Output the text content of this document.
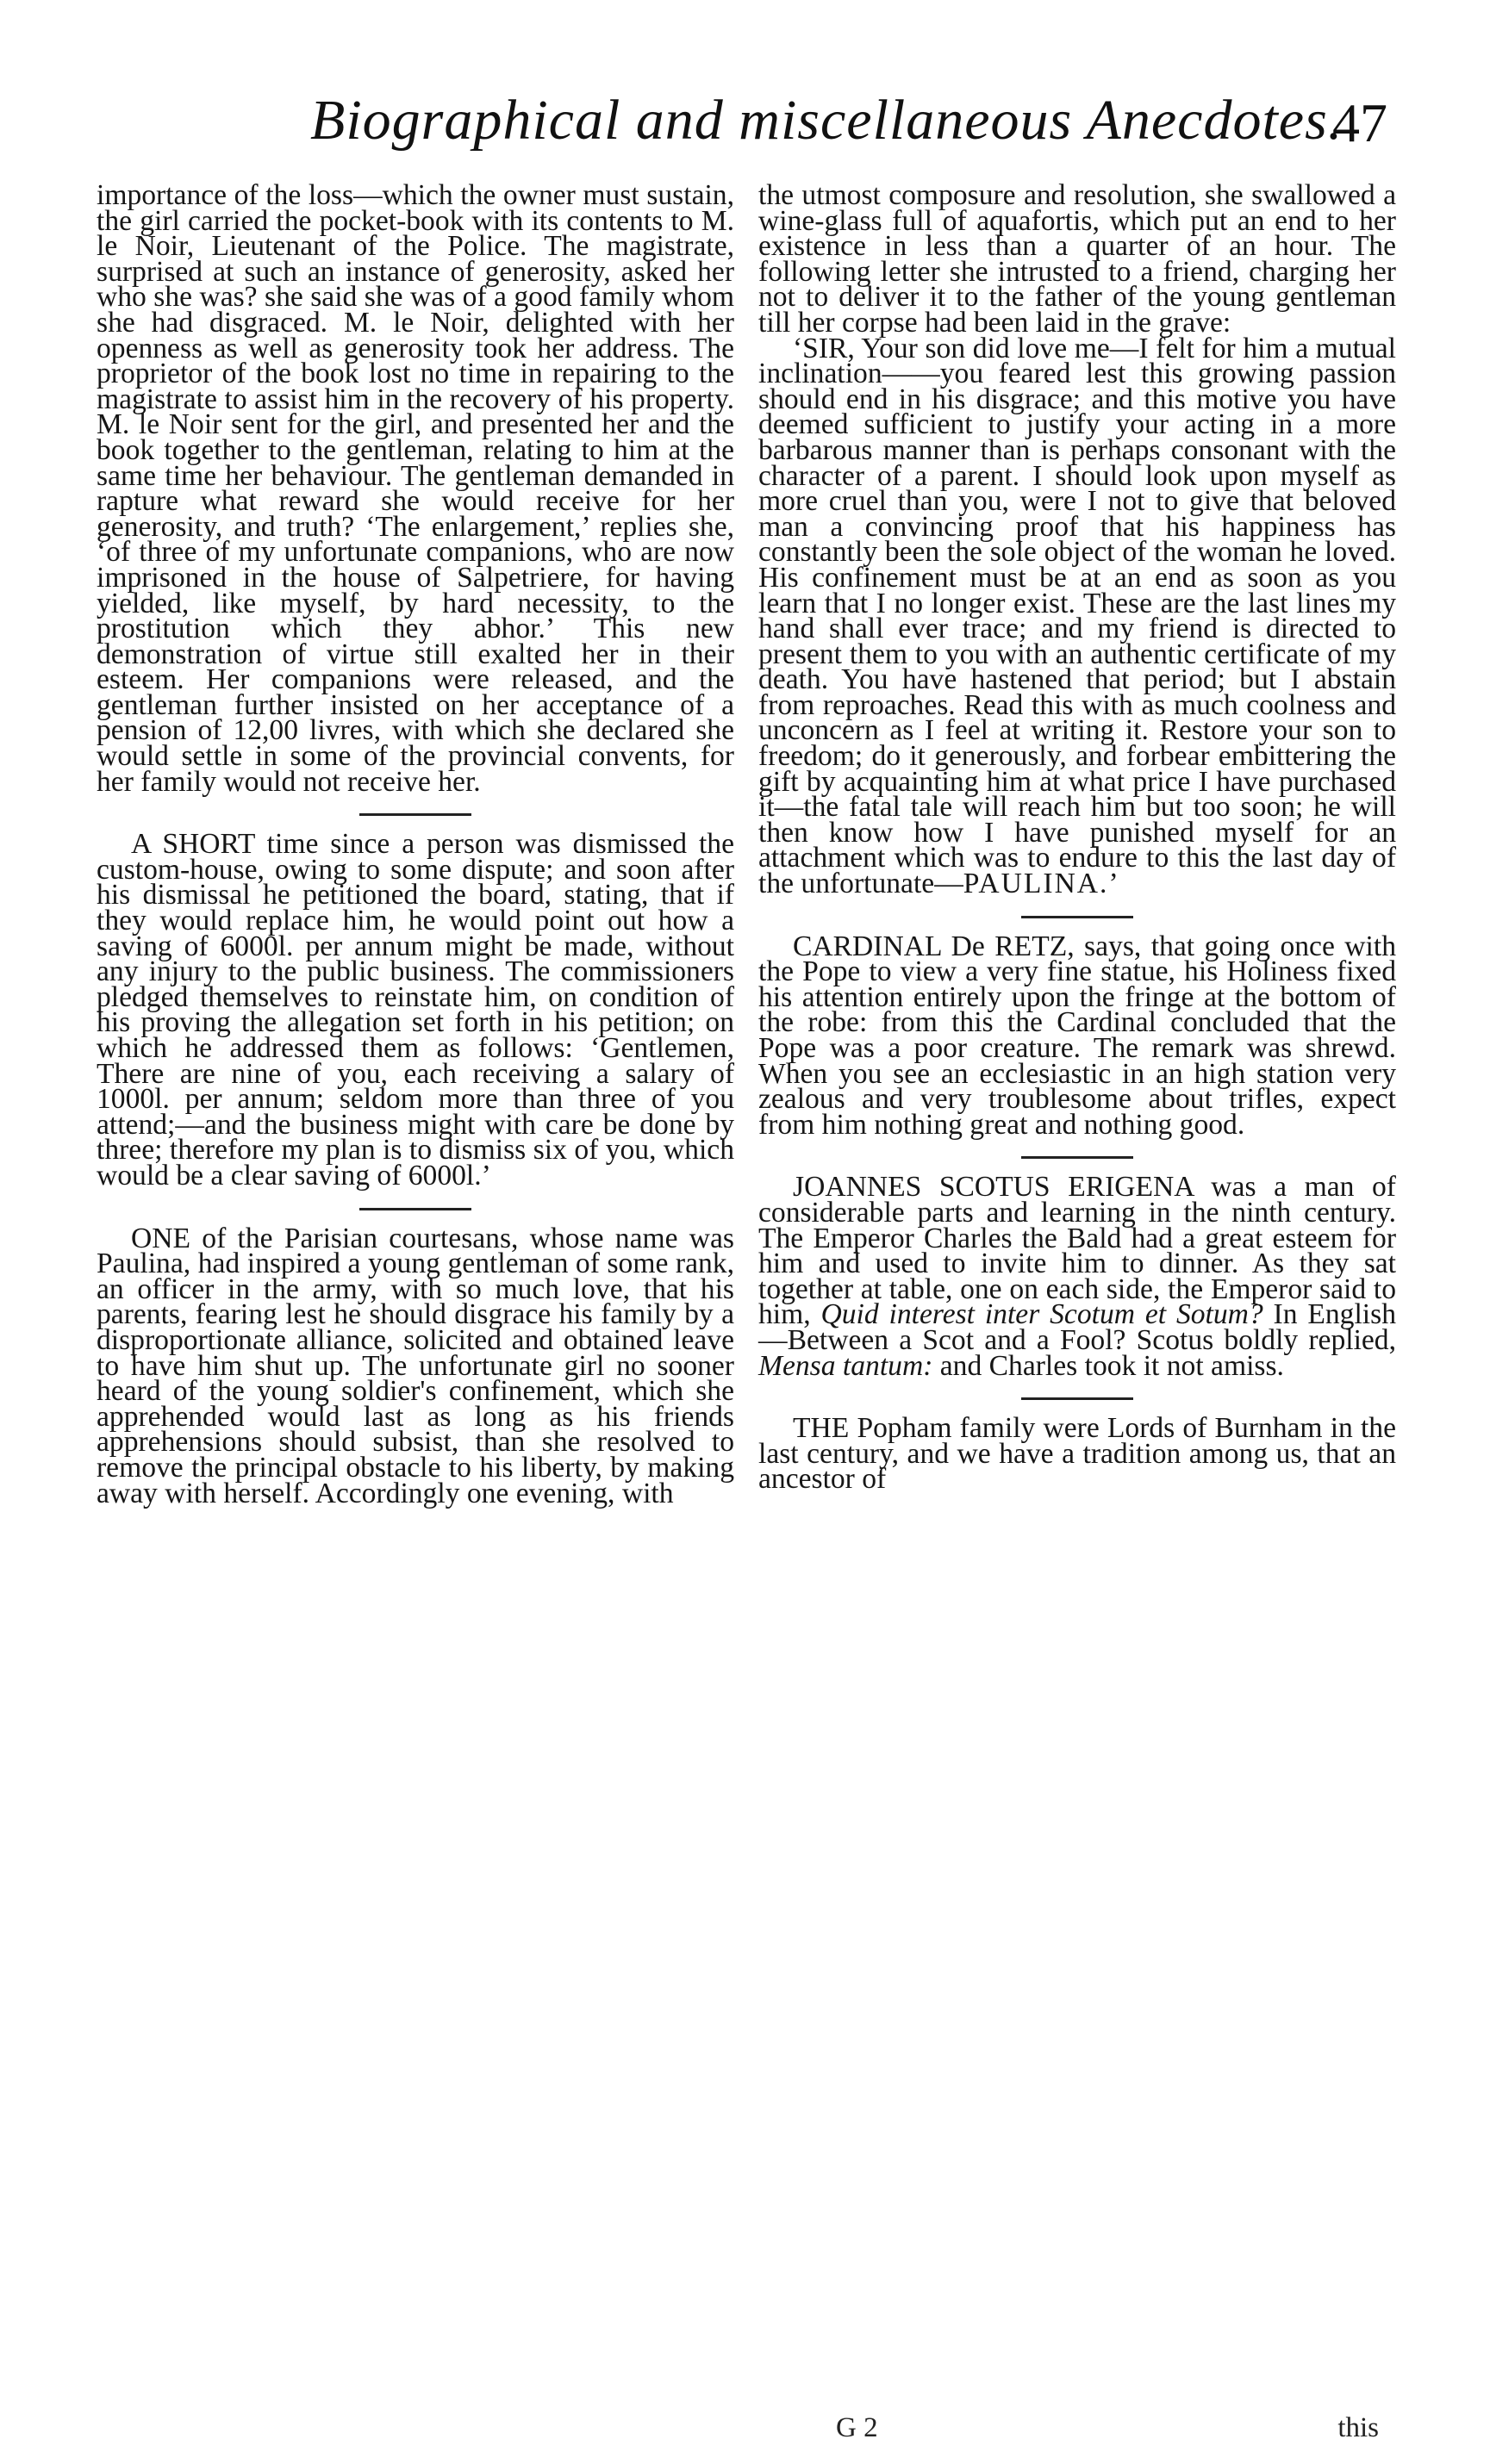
Biographical and miscellaneous Anecdotes.
47

importance of the loss—which the owner must sustain, the girl carried the pocket-book with its contents to M. le Noir, Lieutenant of the Police. The magistrate, surprised at such an instance of generosity, asked her who she was? she said she was of a good family whom she had disgraced. M. le Noir, delighted with her openness as well as generosity took her address. The proprietor of the book lost no time in repairing to the magistrate to assist him in the recovery of his property. M. le Noir sent for the girl, and presented her and the book together to the gentleman, relating to him at the same time her behaviour. The gentleman demanded in rapture what reward she would receive for her generosity, and truth? ‘The enlargement,’ replies she, ‘of three of my unfortunate companions, who are now imprisoned in the house of Salpetriere, for having yielded, like myself, by hard necessity, to the prostitution which they abhor.’ This new demonstration of virtue still exalted her in their esteem. Her companions were released, and the gentleman further insisted on her acceptance of a pension of 12,00 livres, with which she declared she would settle in some of the provincial convents, for her family would not receive her.

A SHORT time since a person was dismissed the custom-house, owing to some dispute; and soon after his dismissal he petitioned the board, stating, that if they would replace him, he would point out how a saving of 6000l. per annum might be made, without any injury to the public business. The commissioners pledged themselves to reinstate him, on condition of his proving the allegation set forth in his petition; on which he addressed them as follows: ‘Gentlemen, There are nine of you, each receiving a salary of 1000l. per annum; seldom more than three of you attend;—and the business might with care be done by three; therefore my plan is to dismiss six of you, which would be a clear saving of 6000l.’

ONE of the Parisian courtesans, whose name was Paulina, had inspired a young gentleman of some rank, an officer in the army, with so much love, that his parents, fearing lest he should disgrace his family by a disproportionate alliance, solicited and obtained leave to have him shut up. The unfortunate girl no sooner heard of the young soldier's confinement, which she apprehended would last as long as his friends apprehensions should subsist, than she resolved to remove the principal obstacle to his liberty, by making away with herself. Accordingly one evening, with

the utmost composure and resolution, she swallowed a wine-glass full of aquafortis, which put an end to her existence in less than a quarter of an hour. The following letter she intrusted to a friend, charging her not to deliver it to the father of the young gentleman till her corpse had been laid in the grave:

‘SIR, Your son did love me—I felt for him a mutual inclination——you feared lest this growing passion should end in his disgrace; and this motive you have deemed sufficient to justify your acting in a more barbarous manner than is perhaps consonant with the character of a parent. I should look upon myself as more cruel than you, were I not to give that beloved man a convincing proof that his happiness has constantly been the sole object of the woman he loved. His confinement must be at an end as soon as you learn that I no longer exist. These are the last lines my hand shall ever trace; and my friend is directed to present them to you with an authentic certificate of my death. You have hastened that period; but I abstain from reproaches. Read this with as much coolness and unconcern as I feel at writing it. Restore your son to freedom; do it generously, and forbear embittering the gift by acquainting him at what price I have purchased it—the fatal tale will reach him but too soon; he will then know how I have punished myself for an attachment which was to endure to this the last day of the unfortunate—PAULINA.’

CARDINAL De RETZ, says, that going once with the Pope to view a very fine statue, his Holiness fixed his attention entirely upon the fringe at the bottom of the robe: from this the Cardinal concluded that the Pope was a poor creature. The remark was shrewd. When you see an ecclesiastic in an high station very zealous and very troublesome about trifles, expect from him nothing great and nothing good.

JOANNES SCOTUS ERIGENA was a man of considerable parts and learning in the ninth century. The Emperor Charles the Bald had a great esteem for him and used to invite him to dinner. As they sat together at table, one on each side, the Emperor said to him, Quid interest inter Scotum et Sotum? In English—Between a Scot and a Fool? Scotus boldly replied, Mensa tantum: and Charles took it not amiss.

THE Popham family were Lords of Burnham in the last century, and we have a tradition among us, that an ancestor of

G 2	this
